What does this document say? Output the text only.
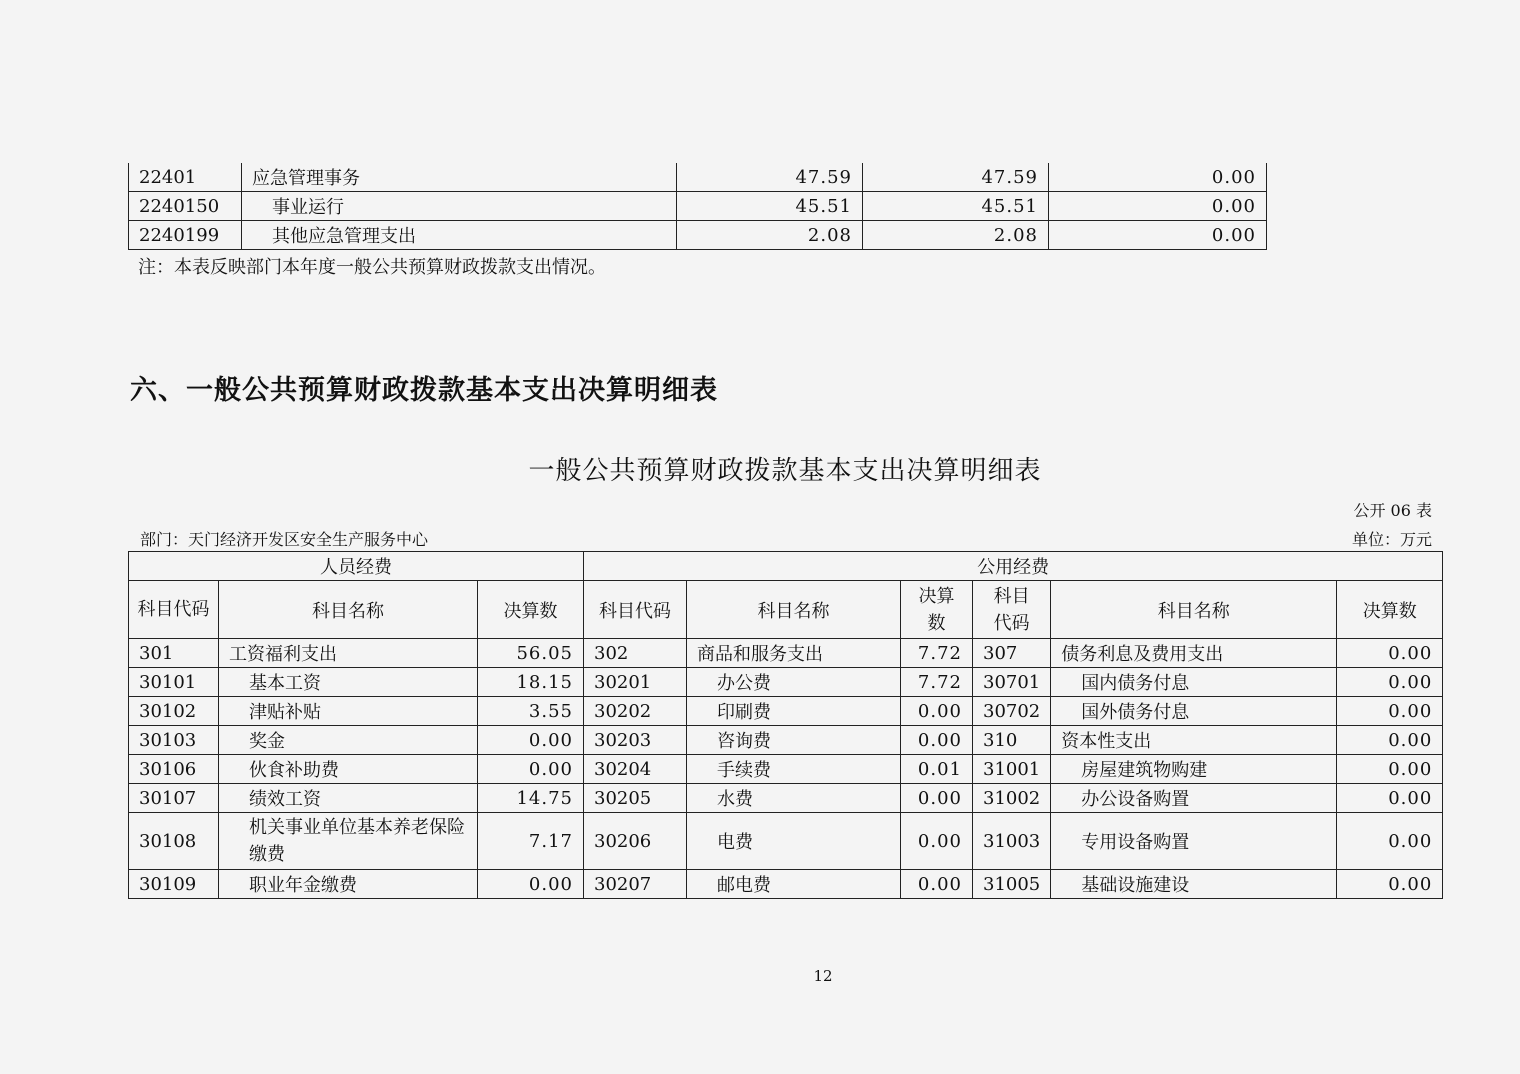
22401	应急管理事务	47.59	47.59	0.00
2240150	事业运行	45.51	45.51	0.00
2240199	其他应急管理支出	2.08	2.08	0.00
注：本表反映部门本年度一般公共预算财政拨款支出情况。
六、一般公共预算财政拨款基本支出决算明细表
一般公共预算财政拨款基本支出决算明细表
公开 06 表
部门：天门经济开发区安全生产服务中心	单位：万元
人员经费			公用经费					
科目代码	科目名称	决算数	科目代码	科目名称	决算数	科目代码	科目名称	决算数
301	工资福利支出	56.05	302	商品和服务支出	7.72	307	债务利息及费用支出	0.00
30101	基本工资	18.15	30201	办公费	7.72	30701	国内债务付息	0.00
30102	津贴补贴	3.55	30202	印刷费	0.00	30702	国外债务付息	0.00
30103	奖金	0.00	30203	咨询费	0.00	310	资本性支出	0.00
30106	伙食补助费	0.00	30204	手续费	0.01	31001	房屋建筑物购建	0.00
30107	绩效工资	14.75	30205	水费	0.00	31002	办公设备购置	0.00
30108	机关事业单位基本养老保险缴费	7.17	30206	电费	0.00	31003	专用设备购置	0.00
30109	职业年金缴费	0.00	30207	邮电费	0.00	31005	基础设施建设	0.00
12
